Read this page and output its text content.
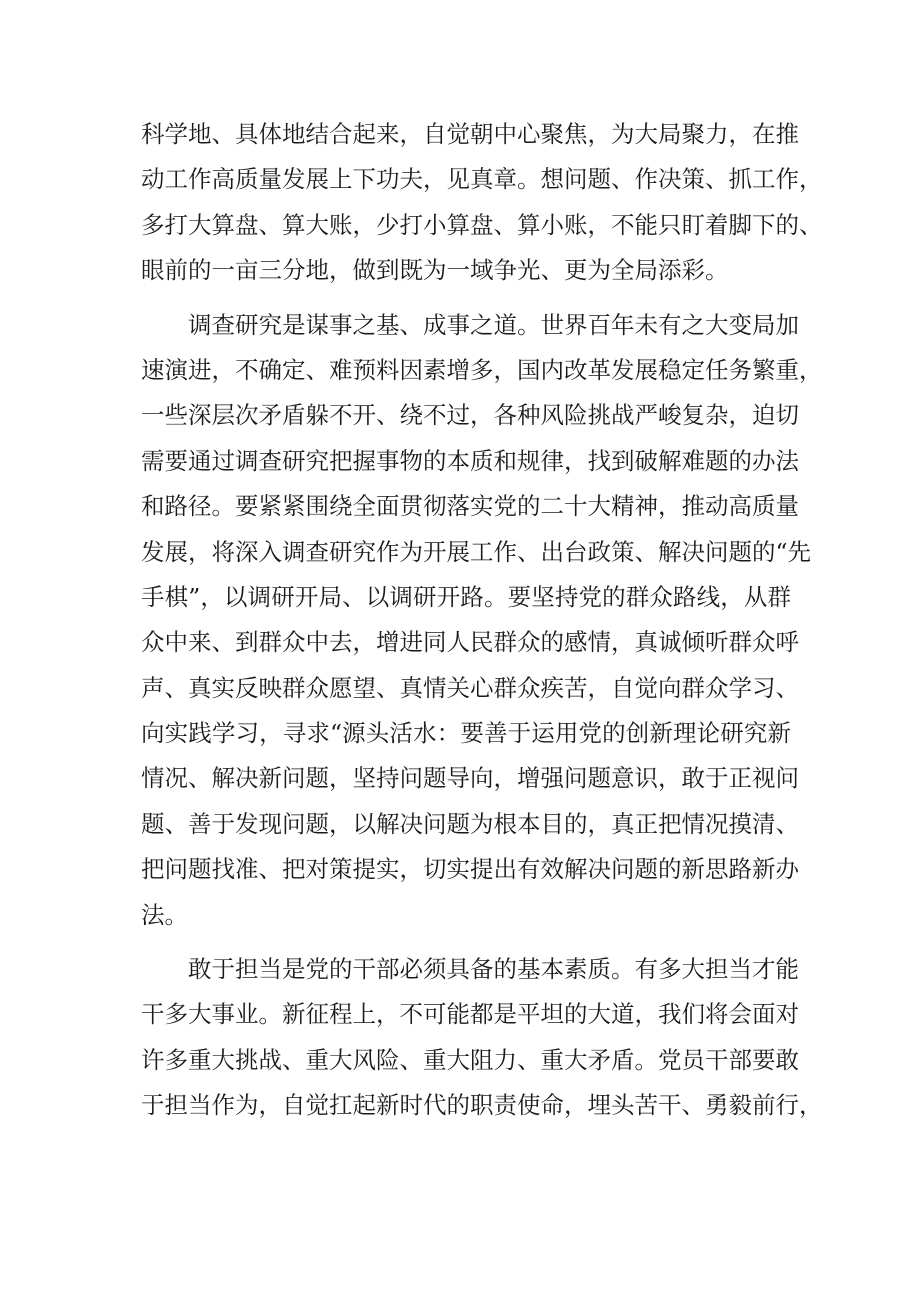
科学地、具体地结合起来，自觉朝中心聚焦，为大局聚力，在推
动工作高质量发展上下功夫，见真章。想问题、作决策、抓工作，
多打大算盘、算大账，少打小算盘、算小账，不能只盯着脚下的、
眼前的一亩三分地，做到既为一域争光、更为全局添彩。
调查研究是谋事之基、成事之道。世界百年未有之大变局加
速演进，不确定、难预料因素增多，国内改革发展稳定任务繁重，
一些深层次矛盾躲不开、绕不过，各种风险挑战严峻复杂，迫切
需要通过调查研究把握事物的本质和规律，找到破解难题的办法
和路径。要紧紧围绕全面贯彻落实党的二十大精神，推动高质量
发展，将深入调查研究作为开展工作、出台政策、解决问题的“先
手棋”，以调研开局、以调研开路。要坚持党的群众路线，从群
众中来、到群众中去，增进同人民群众的感情，真诚倾听群众呼
声、真实反映群众愿望、真情关心群众疾苦，自觉向群众学习、
向实践学习，寻求“源头活水：要善于运用党的创新理论研究新
情况、解决新问题，坚持问题导向，增强问题意识，敢于正视问
题、善于发现问题，以解决问题为根本目的，真正把情况摸清、
把问题找准、把对策提实，切实提出有效解决问题的新思路新办
法。
敢于担当是党的干部必须具备的基本素质。有多大担当才能
干多大事业。新征程上，不可能都是平坦的大道，我们将会面对
许多重大挑战、重大风险、重大阻力、重大矛盾。党员干部要敢
于担当作为，自觉扛起新时代的职责使命，埋头苦干、勇毅前行，
